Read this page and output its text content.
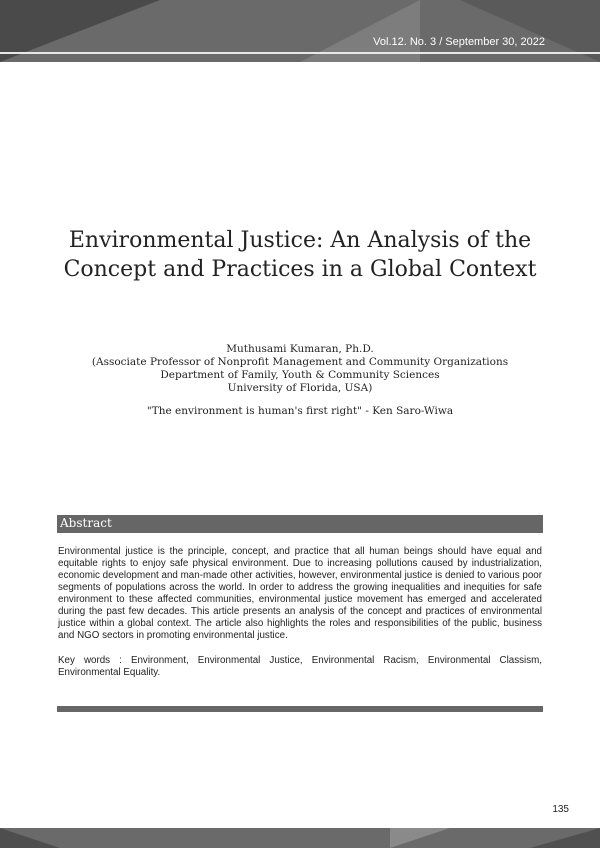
Vol.12. No. 3 / September 30, 2022
Environmental Justice: An Analysis of the Concept and Practices in a Global Context
Muthusami Kumaran, Ph.D.
(Associate Professor of Nonprofit Management and Community Organizations
Department of Family, Youth & Community Sciences
University of Florida, USA)
"The environment is human's first right" - Ken Saro-Wiwa
Abstract

Environmental justice is the principle, concept, and practice that all human beings should have equal and equitable rights to enjoy safe physical environment. Due to increasing pollutions caused by industrialization, economic development and man-made other activities, however, environmental justice is denied to various poor segments of populations across the world. In order to address the growing inequalities and inequities for safe environment to these affected communities, environmental justice movement has emerged and accelerated during the past few decades. This article presents an analysis of the concept and practices of environmental justice within a global context. The article also highlights the roles and responsibilities of the public, business and NGO sectors in promoting environmental justice.

Key words : Environment, Environmental Justice, Environmental Racism, Environmental Classism, Environmental Equality.

135
